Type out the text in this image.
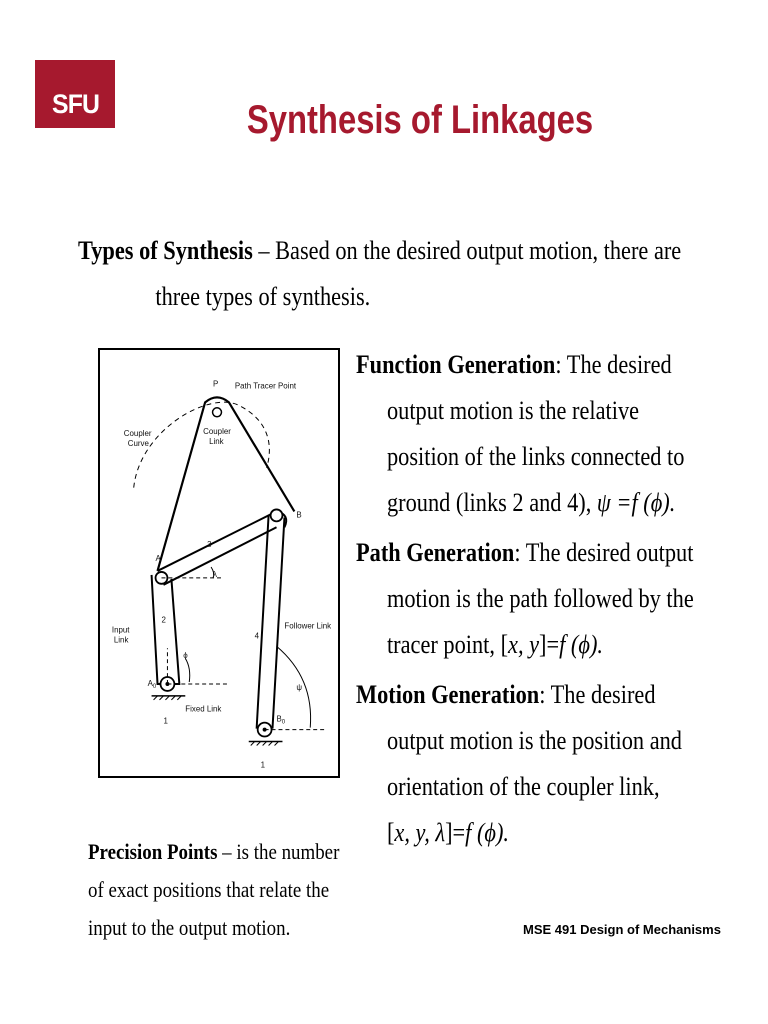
SFU	Synthesis of Linkages
Types of Synthesis – Based on the desired output motion, there are
three types of synthesis.
P Path Tracer Point
Coupler
Curve
Coupler
Link
B
A
3
λ
Input
Link
2
ϕ
$A_0$
Fixed Link
1
Follower Link
4
ψ
$B_0$
1
Function Generation: The desired
output motion is the relative
position of the links connected to
ground (links 2 and 4), ψ =f (ϕ).
Path Generation: The desired output
motion is the path followed by the
tracer point, [x, y]=f (ϕ).
Motion Generation: The desired
output motion is the position and
orientation of the coupler link,
[x, y, λ]=f (ϕ).
Precision Points – is the number
of exact positions that relate the
input to the output motion.	MSE 491 Design of Mechanisms
